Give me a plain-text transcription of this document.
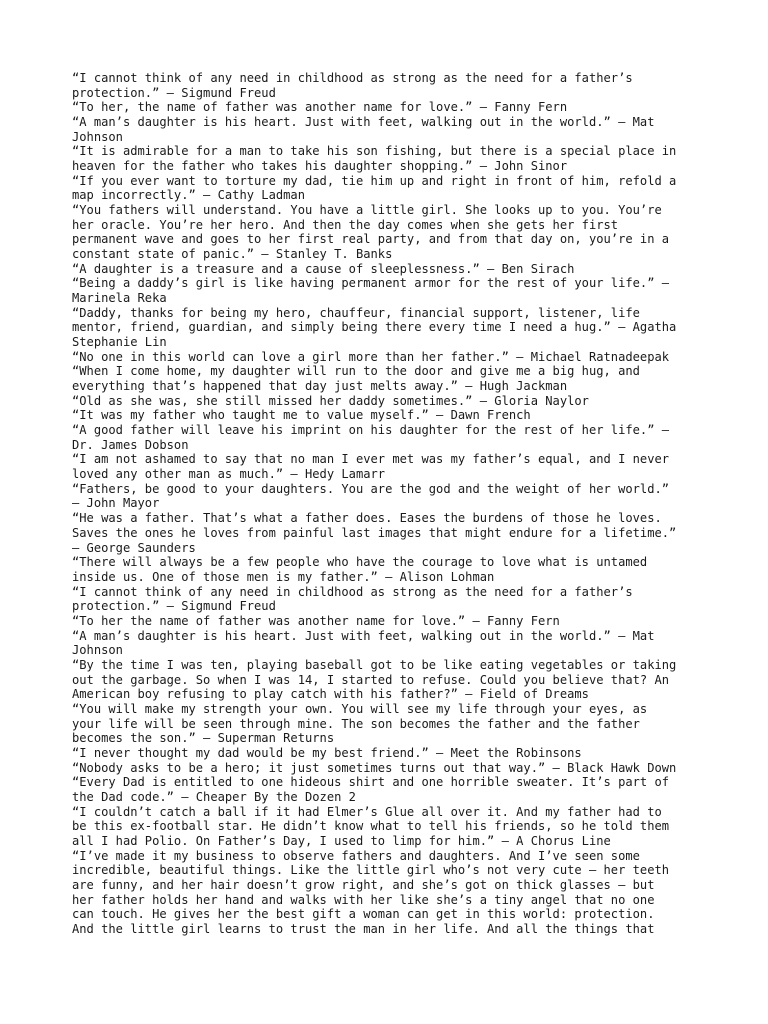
“I cannot think of any need in childhood as strong as the need for a father’s
protection.” — Sigmund Freud
“To her, the name of father was another name for love.” – Fanny Fern
“A man’s daughter is his heart. Just with feet, walking out in the world.” – Mat
Johnson
“It is admirable for a man to take his son fishing, but there is a special place in
heaven for the father who takes his daughter shopping.” – John Sinor
“If you ever want to torture my dad, tie him up and right in front of him, refold a
map incorrectly.” – Cathy Ladman
“You fathers will understand. You have a little girl. She looks up to you. You’re
her oracle. You’re her hero. And then the day comes when she gets her first
permanent wave and goes to her first real party, and from that day on, you’re in a
constant state of panic.” – Stanley T. Banks
“A daughter is a treasure and a cause of sleeplessness.” – Ben Sirach
“Being a daddy’s girl is like having permanent armor for the rest of your life.” –
Marinela Reka
“Daddy, thanks for being my hero, chauffeur, financial support, listener, life
mentor, friend, guardian, and simply being there every time I need a hug.” – Agatha
Stephanie Lin
“No one in this world can love a girl more than her father.” – Michael Ratnadeepak
“When I come home, my daughter will run to the door and give me a big hug, and
everything that’s happened that day just melts away.” – Hugh Jackman
“Old as she was, she still missed her daddy sometimes.” – Gloria Naylor
“It was my father who taught me to value myself.” – Dawn French
“A good father will leave his imprint on his daughter for the rest of her life.” –
Dr. James Dobson
“I am not ashamed to say that no man I ever met was my father’s equal, and I never
loved any other man as much.” – Hedy Lamarr
“Fathers, be good to your daughters. You are the god and the weight of her world.”
– John Mayor
“He was a father. That’s what a father does. Eases the burdens of those he loves.
Saves the ones he loves from painful last images that might endure for a lifetime.”
– George Saunders
“There will always be a few people who have the courage to love what is untamed
inside us. One of those men is my father.” – Alison Lohman
“I cannot think of any need in childhood as strong as the need for a father’s
protection.” — Sigmund Freud
“To her the name of father was another name for love.” – Fanny Fern
“A man’s daughter is his heart. Just with feet, walking out in the world.” – Mat
Johnson
“By the time I was ten, playing baseball got to be like eating vegetables or taking
out the garbage. So when I was 14, I started to refuse. Could you believe that? An
American boy refusing to play catch with his father?” — Field of Dreams
“You will make my strength your own. You will see my life through your eyes, as
your life will be seen through mine. The son becomes the father and the father
becomes the son.” — Superman Returns
“I never thought my dad would be my best friend.” — Meet the Robinsons
“Nobody asks to be a hero; it just sometimes turns out that way.” — Black Hawk Down
“Every Dad is entitled to one hideous shirt and one horrible sweater. It’s part of
the Dad code.” — Cheaper By the Dozen 2
“I couldn’t catch a ball if it had Elmer’s Glue all over it. And my father had to
be this ex-football star. He didn’t know what to tell his friends, so he told them
all I had Polio. On Father’s Day, I used to limp for him.” — A Chorus Line
“I’ve made it my business to observe fathers and daughters. And I’ve seen some
incredible, beautiful things. Like the little girl who’s not very cute – her teeth
are funny, and her hair doesn’t grow right, and she’s got on thick glasses – but
her father holds her hand and walks with her like she’s a tiny angel that no one
can touch. He gives her the best gift a woman can get in this world: protection.
And the little girl learns to trust the man in her life. And all the things that
